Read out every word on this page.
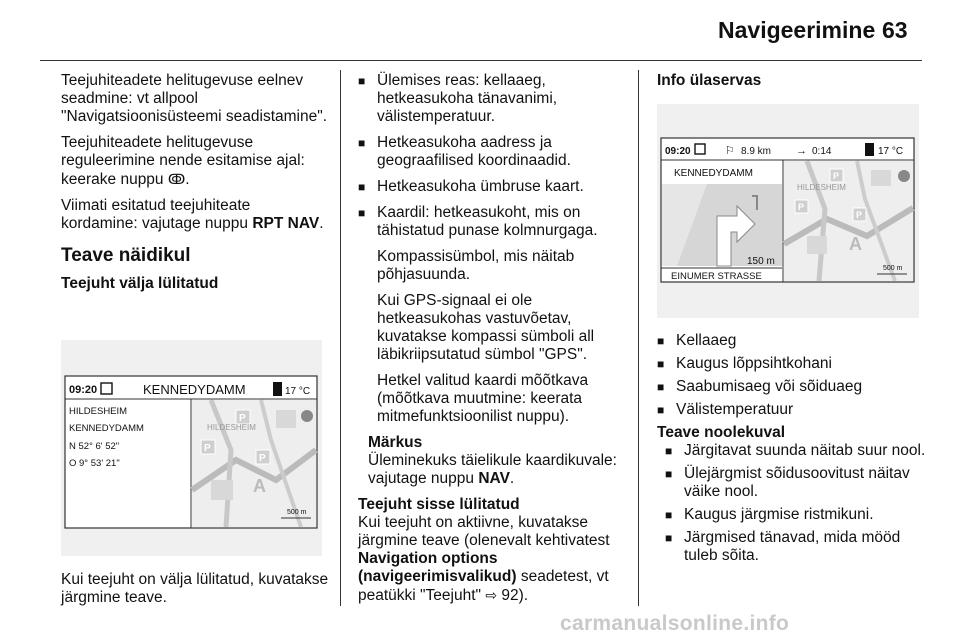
Navigeerimine 63

Teejuhiteadete helitugevuse eelnev seadmine: vt allpool "Navigatsioonisüsteemi seadistamine".

Teejuhiteadete helitugevuse reguleerimine nende esitamise ajal: keerake nuppu ↂ.

Viimati esitatud teejuhiteate kordamine: vajutage nuppu RPT NAV.

Teave näidikul
Teejuht välja lülitatud
09:20	KENNEDYDAMM	17 °C
HILDESHEIM
KENNEDYDAMM
N 52° 6' 52"
O 9° 53' 21"
P
P
P
A
HILDESHEIM
500 m

Kui teejuht on välja lülitatud, kuvatakse järgmine teave.

■ Ülemises reas: kellaaeg, hetkeasukoha tänavanimi, välistemperatuur.
■ Hetkeasukoha aadress ja geograafilised koordinaadid.
■ Hetkeasukoha ümbruse kaart.
■ Kaardil: hetkeasukoht, mis on tähistatud punase kolmnurgaga.
Kompassisümbol, mis näitab põhjasuunda.
Kui GPS-signaal ei ole hetkeasukohas vastuvõetav, kuvatakse kompassi sümboli all läbikriipsutatud sümbol "GPS".
Hetkel valitud kaardi mõõtkava (mõõtkava muutmine: keerata mitmefunktsioonilist nuppu).
Märkus
Üleminekuks täielikule kaardikuvale: vajutage nuppu NAV.
Teejuht sisse lülitatud
Kui teejuht on aktiivne, kuvatakse järgmine teave (olenevalt kehtivatest Navigation options (navigeerimisvalikud) seadetest, vt peatükki "Teejuht" ⇨ 92).
Info ülaservas
09:20	⚐ 8.9 km → 0:14	17 °C
KENNEDYDAMM
150 m
EINUMER STRASSE
P
P
P
A
HILDESHEIM
500 m
■ Kellaaeg
■ Kaugus lõppsihtkohani
■ Saabumisaeg või sõiduaeg
■ Välistemperatuur
Teave noolekuval
■ Järgitavat suunda näitab suur nool.
■ Ülejärgmist sõidusoovitust näitav väike nool.
■ Kaugus järgmise ristmikuni.
■ Järgmised tänavad, mida mööd tuleb sõita.
carmanualsonline.info
